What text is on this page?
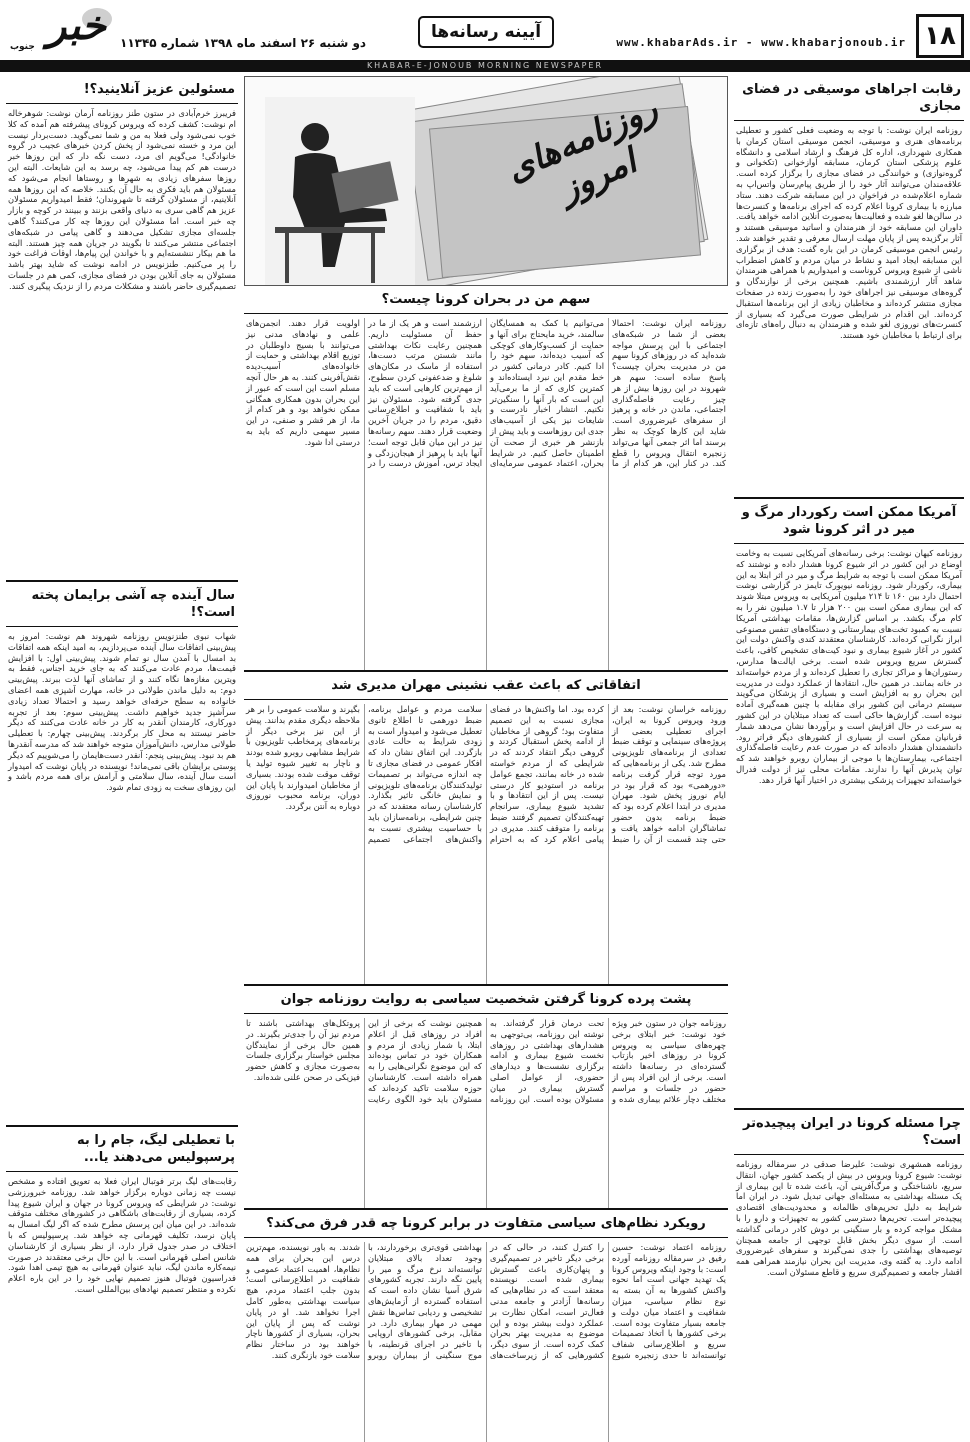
۱۸
www.khabarAds.ir - www.khabarjonoub.ir
آیینه رسانه‌ها
دو شنبه ۲۶ اسفند ماه ۱۳۹۸ شماره ۱۱۳۴۵
خبر
جنوب
KHABAR-E-JONOUB MORNING NEWSPAPER
رقابت اجراهای موسیقی در فضای مجازی
روزنامه ایران نوشت: با توجه به وضعیت فعلی کشور و تعطیلی برنامه‌های هنری و موسیقی، انجمن موسیقی استان کرمان با همکاری شهرداری، اداره کل فرهنگ و ارشاد اسلامی و دانشگاه علوم پزشکی استان کرمان، مسابقه آوازخوانی (تکخوانی و گروه‌نوازی) و خوانندگی در فضای مجازی را برگزار کرده است. علاقه‌مندان می‌توانند آثار خود را از طریق پیام‌رسان واتس‌اپ به شماره اعلام‌شده در فراخوان در این مسابقه شرکت دهند. ستاد مبارزه با بیماری کرونا اعلام کرده که اجرای برنامه‌ها و کنسرت‌ها در سالن‌ها لغو شده و فعالیت‌ها به‌صورت آنلاین ادامه خواهد یافت. داوران این مسابقه خود از هنرمندان و اساتید موسیقی هستند و آثار برگزیده پس از پایان مهلت ارسال معرفی و تقدیر خواهند شد. رئیس انجمن موسیقی کرمان در این باره گفت: هدف از برگزاری این مسابقه ایجاد امید و نشاط در میان مردم و کاهش اضطراب ناشی از شیوع ویروس کروناست و امیدواریم با همراهی هنرمندان شاهد آثار ارزشمندی باشیم. همچنین برخی از نوازندگان و گروه‌های موسیقی نیز اجراهای خود را به‌صورت زنده در صفحات مجازی منتشر کرده‌اند و مخاطبان زیادی از این برنامه‌ها استقبال کرده‌اند. این اقدام در شرایطی صورت می‌گیرد که بسیاری از کنسرت‌های نوروزی لغو شده و هنرمندان به دنبال راه‌های تازه‌ای برای ارتباط با مخاطبان خود هستند.
آمریکا ممکن است رکوردار مرگ و میر در اثر کرونا شود
روزنامه کیهان نوشت: برخی رسانه‌های آمریکایی نسبت به وخامت اوضاع در این کشور در اثر شیوع کرونا هشدار داده و نوشتند که آمریکا ممکن است با توجه به شرایط مرگ و میر در اثر ابتلا به این بیماری، رکوردار شود. روزنامه نیویورک تایمز در گزارشی نوشت احتمال دارد بین ۱۶۰ تا ۲۱۴ میلیون آمریکایی به ویروس مبتلا شوند که این بیماری ممکن است بین ۲۰۰ هزار تا ۱.۷ میلیون نفر را به کام مرگ بکشد. بر اساس گزارش‌ها، مقامات بهداشتی آمریکا نسبت به کمبود تخت‌های بیمارستانی و دستگاه‌های تنفس مصنوعی ابراز نگرانی کرده‌اند. کارشناسان معتقدند کندی واکنش دولت این کشور در آغاز شیوع بیماری و نبود کیت‌های تشخیص کافی، باعث گسترش سریع ویروس شده است. برخی ایالت‌ها مدارس، رستوران‌ها و مراکز تجاری را تعطیل کرده‌اند و از مردم خواسته‌اند در خانه بمانند. در همین حال، انتقادها از عملکرد دولت در مدیریت این بحران رو به افزایش است و بسیاری از پزشکان می‌گویند سیستم درمانی این کشور برای مقابله با چنین همه‌گیری آماده نبوده است. گزارش‌ها حاکی است که تعداد مبتلایان در این کشور به سرعت در حال افزایش است و برآوردها نشان می‌دهد شمار قربانیان ممکن است از بسیاری از کشورهای دیگر فراتر رود. دانشمندان هشدار داده‌اند که در صورت عدم رعایت فاصله‌گذاری اجتماعی، بیمارستان‌ها با موجی از بیماران روبرو خواهند شد که توان پذیرش آنها را ندارند. مقامات محلی نیز از دولت فدرال خواسته‌اند تجهیزات پزشکی بیشتری در اختیار آنها قرار دهد.
چرا مسئله کرونا در ایران پیچیده‌تر است؟
روزنامه همشهری نوشت: علیرضا صدقی در سرمقاله روزنامه نوشت: شیوع کرونا ویروس در بیش از یکصد کشور جهان، انتقال سریع، ناشناختگی و مرگ‌آفرینی آن، باعث شده تا این بیماری از یک مسئله بهداشتی به مسئله‌ای جهانی تبدیل شود. در ایران اما شرایط به دلیل تحریم‌های ظالمانه و محدودیت‌های اقتصادی پیچیده‌تر است. تحریم‌ها دسترسی کشور به تجهیزات و دارو را با مشکل مواجه کرده و بار سنگینی بر دوش کادر درمانی گذاشته است. از سوی دیگر بخش قابل توجهی از جامعه همچنان توصیه‌های بهداشتی را جدی نمی‌گیرند و سفرهای غیرضروری ادامه دارد. به گفته وی، مدیریت این بحران نیازمند همراهی همه اقشار جامعه و تصمیم‌گیری سریع و قاطع مسئولان است.
روزنامه‌های امروز
سهم من در بحران کرونا چیست؟
روزنامه ایران نوشت: احتمالا بعضی از شما در شبکه‌های اجتماعی با این پرسش مواجه شده‌اید که در روزهای کرونا سهم من در مدیریت بحران چیست؟ پاسخ ساده است: سهم هر شهروند در این روزها بیش از هر چیز رعایت فاصله‌گذاری اجتماعی، ماندن در خانه و پرهیز از سفرهای غیرضروری است. شاید این کارها کوچک به نظر برسند اما اثر جمعی آنها می‌تواند زنجیره انتقال ویروس را قطع کند. در کنار این، هر کدام از ما می‌توانیم با کمک به همسایگان سالمند، خرید مایحتاج برای آنها و حمایت از کسب‌وکارهای کوچکی که آسیب دیده‌اند، سهم خود را ادا کنیم. کادر درمانی کشور در خط مقدم این نبرد ایستاده‌اند و کمترین کاری که از ما برمی‌آید این است که بار آنها را سنگین‌تر نکنیم. انتشار اخبار نادرست و شایعات نیز یکی از آسیب‌های جدی این روزهاست و باید پیش از بازنشر هر خبری از صحت آن اطمینان حاصل کنیم. در شرایط بحران، اعتماد عمومی سرمایه‌ای ارزشمند است و هر یک از ما در حفظ آن مسئولیت داریم. همچنین رعایت نکات بهداشتی مانند شستن مرتب دست‌ها، استفاده از ماسک در مکان‌های شلوغ و ضدعفونی کردن سطوح، از مهم‌ترین کارهایی است که باید جدی گرفته شود. مسئولان نیز باید با شفافیت و اطلاع‌رسانی دقیق، مردم را در جریان آخرین وضعیت قرار دهند. سهم رسانه‌ها نیز در این میان قابل توجه است؛ آنها باید با پرهیز از هیجان‌زدگی و ایجاد ترس، آموزش درست را در اولویت قرار دهند. انجمن‌های علمی و نهادهای مدنی نیز می‌توانند با بسیج داوطلبان در توزیع اقلام بهداشتی و حمایت از خانواده‌های آسیب‌دیده نقش‌آفرینی کنند. به هر حال آنچه مسلم است این است که عبور از این بحران بدون همکاری همگانی ممکن نخواهد بود و هر کدام از ما، از هر قشر و صنفی، در این مسیر سهمی داریم که باید به درستی ادا شود.
اتفاقاتی که باعث عقب نشینی مهران مدیری شد
روزنامه خراسان نوشت: بعد از ورود ویروس کرونا به ایران، اجرای تعطیلی بعضی از پروژه‌های سینمایی و توقف ضبط تعدادی از برنامه‌های تلویزیونی مطرح شد. یکی از برنامه‌هایی که مورد توجه قرار گرفت برنامه «دورهمی» بود که قرار بود در ایام نوروز پخش شود. مهران مدیری در ابتدا اعلام کرده بود که ضبط برنامه بدون حضور تماشاگران ادامه خواهد یافت و حتی چند قسمت از آن را ضبط کرده بود. اما واکنش‌ها در فضای مجازی نسبت به این تصمیم متفاوت بود؛ گروهی از مخاطبان از ادامه پخش استقبال کردند و گروهی دیگر انتقاد کردند که در شرایطی که از مردم خواسته شده در خانه بمانند، تجمع عوامل برنامه در استودیو کار درستی نیست. پس از این انتقادها و با تشدید شیوع بیماری، سرانجام تهیه‌کنندگان تصمیم گرفتند ضبط برنامه را متوقف کنند. مدیری در پیامی اعلام کرد که به احترام سلامت مردم و عوامل برنامه، ضبط دورهمی تا اطلاع ثانوی تعطیل می‌شود و امیدوار است به زودی شرایط به حالت عادی بازگردد. این اتفاق نشان داد که افکار عمومی در فضای مجازی تا چه اندازه می‌تواند بر تصمیمات تولیدکنندگان برنامه‌های تلویزیونی و نمایش خانگی تاثیر بگذارد. کارشناسان رسانه معتقدند که در چنین شرایطی، برنامه‌سازان باید با حساسیت بیشتری نسبت به واکنش‌های اجتماعی تصمیم بگیرند و سلامت عمومی را بر هر ملاحظه دیگری مقدم بدانند. پیش از این نیز برخی دیگر از برنامه‌های پرمخاطب تلویزیون با شرایط مشابهی روبرو شده بودند و ناچار به تغییر شیوه تولید یا توقف موقت شده بودند. بسیاری از مخاطبان امیدوارند با پایان این دوران، برنامه محبوب نوروزی دوباره به آنتن برگردد.
پشت پرده کرونا گرفتن شخصیت سیاسی به روایت روزنامه جوان
روزنامه جوان در ستون خبر ویژه خود نوشت: خبر ابتلای برخی چهره‌های سیاسی به ویروس کرونا در روزهای اخیر بازتاب گسترده‌ای در رسانه‌ها داشته است. برخی از این افراد پس از حضور در جلسات و مراسم مختلف دچار علائم بیماری شده و تحت درمان قرار گرفته‌اند. به نوشته این روزنامه، بی‌توجهی به هشدارهای بهداشتی در روزهای نخست شیوع بیماری و ادامه برگزاری نشست‌ها و دیدارهای حضوری، از عوامل اصلی گسترش بیماری در میان مسئولان بوده است. این روزنامه همچنین نوشت که برخی از این افراد در روزهای قبل از اعلام ابتلا، با شمار زیادی از مردم و همکاران خود در تماس بوده‌اند که این موضوع نگرانی‌هایی را به همراه داشته است. کارشناسان حوزه سلامت تاکید کرده‌اند که مسئولان باید خود الگوی رعایت پروتکل‌های بهداشتی باشند تا مردم نیز آن را جدی‌تر بگیرند. در همین حال برخی از نمایندگان مجلس خواستار برگزاری جلسات به‌صورت مجازی و کاهش حضور فیزیکی در صحن علنی شده‌اند.
رویکرد نظام‌های سیاسی متفاوت در برابر کرونا چه قدر فرق می‌کند؟
روزنامه اعتماد نوشت: حسین رفیق در سرمقاله روزنامه آورده است: با وجود اینکه ویروس کرونا یک تهدید جهانی است اما نحوه واکنش کشورها به آن بسته به نوع نظام سیاسی، میزان شفافیت و اعتماد میان دولت و جامعه بسیار متفاوت بوده است. برخی کشورها با اتخاذ تصمیمات سریع و اطلاع‌رسانی شفاف توانسته‌اند تا حدی زنجیره شیوع را کنترل کنند، در حالی که در برخی دیگر تاخیر در تصمیم‌گیری و پنهان‌کاری باعث گسترش بیماری شده است. نویسنده معتقد است که در نظام‌هایی که رسانه‌ها آزادتر و جامعه مدنی فعال‌تر است، امکان نظارت بر عملکرد دولت بیشتر بوده و این موضوع به مدیریت بهتر بحران کمک کرده است. از سوی دیگر، کشورهایی که از زیرساخت‌های بهداشتی قوی‌تری برخوردارند، با وجود تعداد بالای مبتلایان توانسته‌اند نرخ مرگ و میر را پایین نگه دارند. تجربه کشورهای شرق آسیا نشان داده است که استفاده گسترده از آزمایش‌های تشخیصی و ردیابی تماس‌ها نقش مهمی در مهار بیماری دارد. در مقابل، برخی کشورهای اروپایی با تاخیر در اجرای قرنطینه، با موج سنگینی از بیماران روبرو شدند. به باور نویسنده، مهم‌ترین درس این بحران برای همه نظام‌ها، اهمیت اعتماد عمومی و شفافیت در اطلاع‌رسانی است؛ بدون جلب اعتماد مردم، هیچ سیاست بهداشتی به‌طور کامل اجرا نخواهد شد. او در پایان نوشت که پس از پایان این بحران، بسیاری از کشورها ناچار خواهند بود در ساختار نظام سلامت خود بازنگری کنند.
مسئولین عزیز آنلاینید؟!
فریبرز خرم‌آبادی در ستون طنز روزنامه آرمان نوشت: شوهرخاله ام نوشت: کشف کرده که ویروس کرونای پیشرفته هم آمده که کلا خوب نمی‌شود ولی فعلا به من و شما نمی‌گوید. دست‌بردار نیست این مرد و خسته نمی‌شود از پخش کردن خبرهای عجیب در گروه خانوادگی! می‌گویم ای مرد، دست نگه دار که این روزها خبر درست هم کم پیدا می‌شود، چه برسد به این شایعات. البته این روزها سفرهای زیادی به شهرها و روستاها انجام می‌شود که مسئولان هم باید فکری به حال آن بکنند. خلاصه که این روزها همه آنلاینیم، از مسئولان گرفته تا شهروندان؛ فقط امیدواریم مسئولان عزیز هم گاهی سری به دنیای واقعی بزنند و ببینند در کوچه و بازار چه خبر است. اما مسئولان این روزها چه کار می‌کنند؟ گاهی جلسه‌ای مجازی تشکیل می‌دهند و گاهی پیامی در شبکه‌های اجتماعی منتشر می‌کنند تا بگویند در جریان همه چیز هستند. البته ما هم بیکار ننشسته‌ایم و با خواندن این پیام‌ها، اوقات فراغت خود را پر می‌کنیم. طنزنویس در ادامه نوشت که شاید بهتر باشد مسئولان به جای آنلاین بودن در فضای مجازی، کمی هم در جلسات تصمیم‌گیری حاضر باشند و مشکلات مردم را از نزدیک پیگیری کنند.
سال آینده چه آشی برایمان پخته است؟!
شهاب نبوی طنزنویس روزنامه شهروند هم نوشت: امروز به پیش‌بینی اتفاقات سال آینده می‌پردازیم، به امید اینکه همه اتفاقات بد امسال با آمدن سال نو تمام شوند. پیش‌بینی اول: با افزایش قیمت‌ها، مردم عادت می‌کنند که به جای خرید اجناس، فقط به ویترین مغازه‌ها نگاه کنند و از تماشای آنها لذت ببرند. پیش‌بینی دوم: به دلیل ماندن طولانی در خانه، مهارت آشپزی همه اعضای خانواده به سطح حرفه‌ای خواهد رسید و احتمالا تعداد زیادی سرآشپز جدید خواهیم داشت. پیش‌بینی سوم: بعد از تجربه دورکاری، کارمندان آنقدر به کار در خانه عادت می‌کنند که دیگر حاضر نیستند به محل کار برگردند. پیش‌بینی چهارم: با تعطیلی طولانی مدارس، دانش‌آموزان متوجه خواهند شد که مدرسه آنقدرها هم بد نبود. پیش‌بینی پنجم: آنقدر دست‌هایمان را می‌شوییم که دیگر پوستی برایشان باقی نمی‌ماند! نویسنده در پایان نوشت که امیدوار است سال آینده، سال سلامتی و آرامش برای همه مردم باشد و این روزهای سخت به زودی تمام شود.
با تعطیلی لیگ، جام را به پرسپولیس می‌دهند یا...
رقابت‌های لیگ برتر فوتبال ایران فعلا به تعویق افتاده و مشخص نیست چه زمانی دوباره برگزار خواهد شد. روزنامه خبرورزشی نوشت: در شرایطی که ویروس کرونا در جهان و ایران شیوع پیدا کرده، بسیاری از رقابت‌های باشگاهی در کشورهای مختلف متوقف شده‌اند. در این میان این پرسش مطرح شده که اگر لیگ امسال به پایان نرسد، تکلیف قهرمانی چه خواهد شد. پرسپولیس که با اختلاف در صدر جدول قرار دارد، از نظر بسیاری از کارشناسان شانس اصلی قهرمانی است. با این حال برخی معتقدند در صورت نیمه‌کاره ماندن لیگ، نباید عنوان قهرمانی به هیچ تیمی اهدا شود. فدراسیون فوتبال هنوز تصمیم نهایی خود را در این باره اعلام نکرده و منتظر تصمیم نهادهای بین‌المللی است.
